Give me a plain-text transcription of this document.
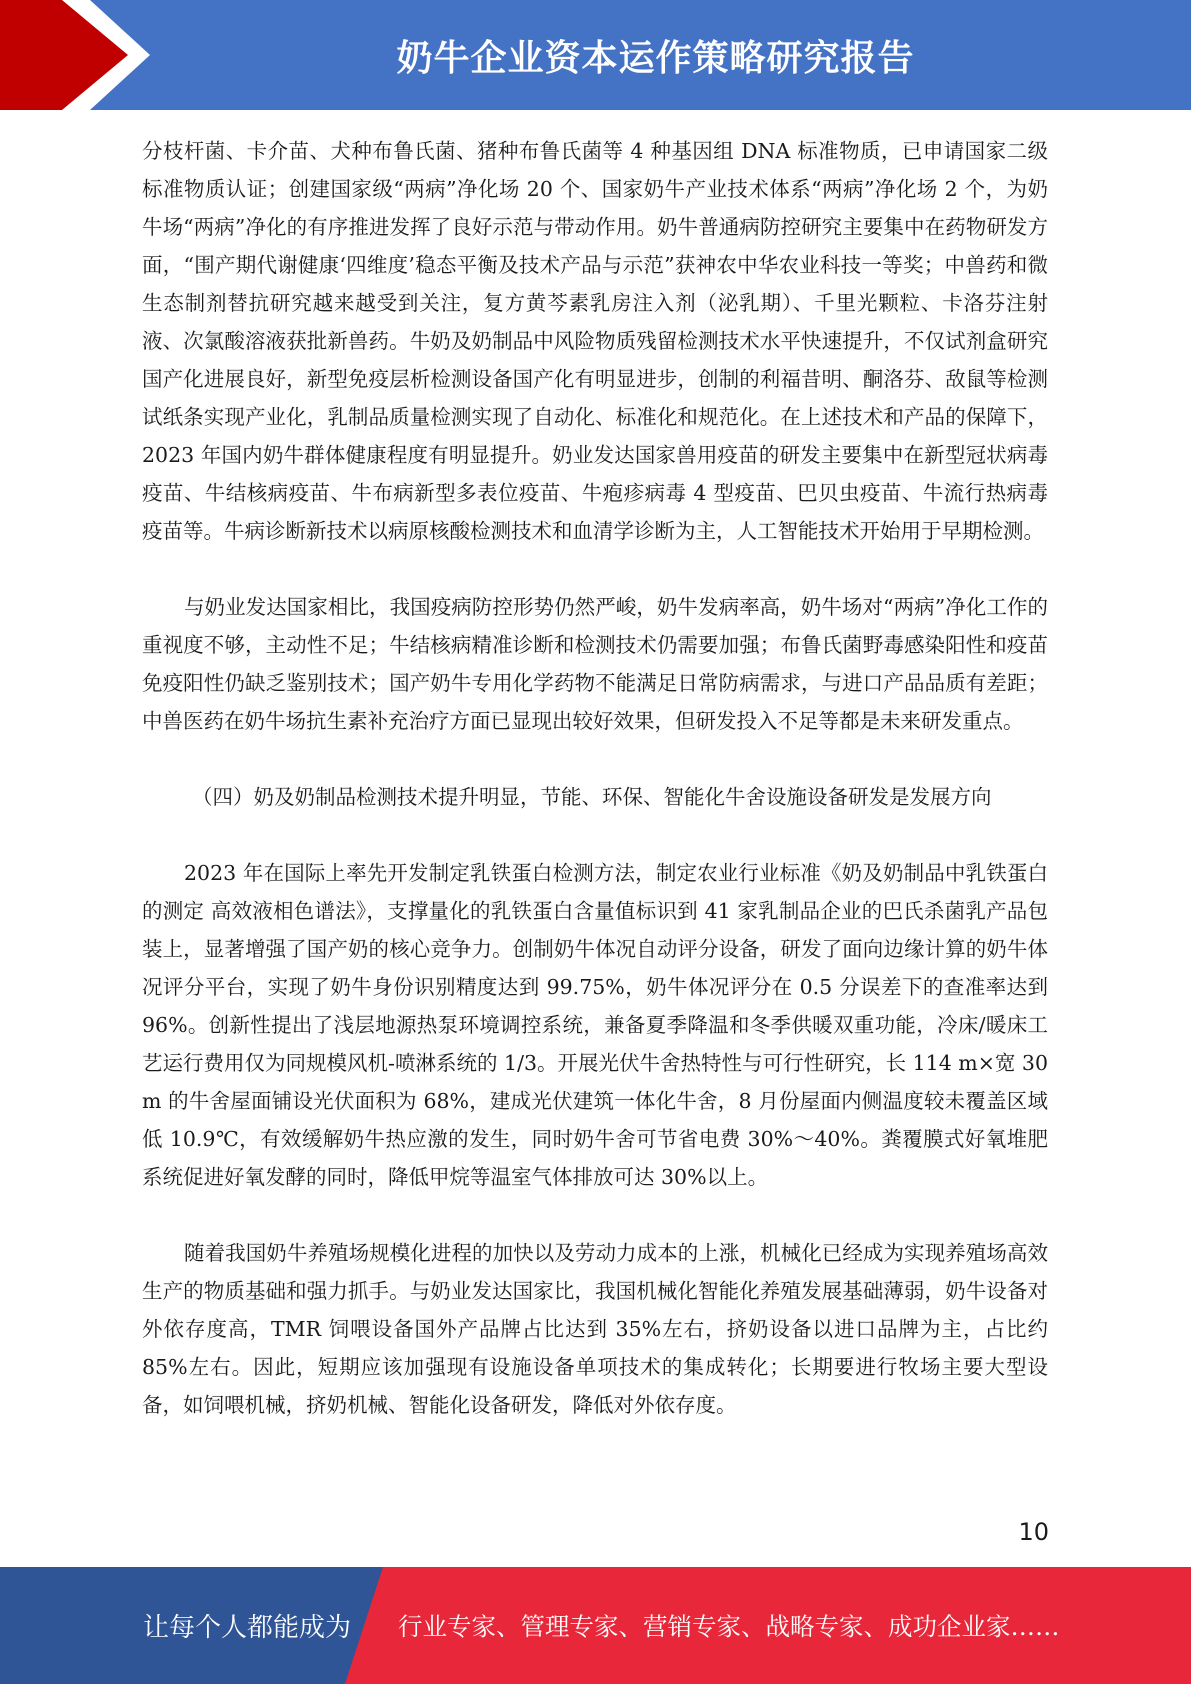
奶牛企业资本运作策略研究报告

分枝杆菌、卡介苗、犬种布鲁氏菌、猪种布鲁氏菌等 4 种基因组 DNA 标准物质，已申请国家二级标准物质认证；创建国家级“两病”净化场 20 个、国家奶牛产业技术体系“两病”净化场 2 个，为奶牛场“两病”净化的有序推进发挥了良好示范与带动作用。奶牛普通病防控研究主要集中在药物研发方面，“围产期代谢健康‘四维度’稳态平衡及技术产品与示范”获神农中华农业科技一等奖；中兽药和微生态制剂替抗研究越来越受到关注，复方黄芩素乳房注入剂（泌乳期）、千里光颗粒、卡洛芬注射液、次氯酸溶液获批新兽药。牛奶及奶制品中风险物质残留检测技术水平快速提升，不仅试剂盒研究国产化进展良好，新型免疫层析检测设备国产化有明显进步，创制的利福昔明、酮洛芬、敌鼠等检测试纸条实现产业化，乳制品质量检测实现了自动化、标准化和规范化。在上述技术和产品的保障下，2023 年国内奶牛群体健康程度有明显提升。奶业发达国家兽用疫苗的研发主要集中在新型冠状病毒疫苗、牛结核病疫苗、牛布病新型多表位疫苗、牛疱疹病毒 4 型疫苗、巴贝虫疫苗、牛流行热病毒疫苗等。牛病诊断新技术以病原核酸检测技术和血清学诊断为主，人工智能技术开始用于早期检测。

与奶业发达国家相比，我国疫病防控形势仍然严峻，奶牛发病率高，奶牛场对“两病”净化工作的重视度不够，主动性不足；牛结核病精准诊断和检测技术仍需要加强；布鲁氏菌野毒感染阳性和疫苗免疫阳性仍缺乏鉴别技术；国产奶牛专用化学药物不能满足日常防病需求，与进口产品品质有差距；中兽医药在奶牛场抗生素补充治疗方面已显现出较好效果，但研发投入不足等都是未来研发重点。

（四）奶及奶制品检测技术提升明显，节能、环保、智能化牛舍设施设备研发是发展方向

2023 年在国际上率先开发制定乳铁蛋白检测方法，制定农业行业标准《奶及奶制品中乳铁蛋白的测定 高效液相色谱法》，支撑量化的乳铁蛋白含量值标识到 41 家乳制品企业的巴氏杀菌乳产品包装上，显著增强了国产奶的核心竞争力。创制奶牛体况自动评分设备，研发了面向边缘计算的奶牛体况评分平台，实现了奶牛身份识别精度达到 99.75%，奶牛体况评分在 0.5 分误差下的查准率达到 96%。创新性提出了浅层地源热泵环境调控系统，兼备夏季降温和冬季供暖双重功能，冷床/暖床工艺运行费用仅为同规模风机-喷淋系统的 1/3。开展光伏牛舍热特性与可行性研究，长 114 m×宽 30 m 的牛舍屋面铺设光伏面积为 68%，建成光伏建筑一体化牛舍，8 月份屋面内侧温度较未覆盖区域低 10.9℃，有效缓解奶牛热应激的发生，同时奶牛舍可节省电费 30%～40%。粪覆膜式好氧堆肥系统促进好氧发酵的同时，降低甲烷等温室气体排放可达 30%以上。

随着我国奶牛养殖场规模化进程的加快以及劳动力成本的上涨，机械化已经成为实现养殖场高效生产的物质基础和强力抓手。与奶业发达国家比，我国机械化智能化养殖发展基础薄弱，奶牛设备对外依存度高，TMR 饲喂设备国外产品牌占比达到 35%左右，挤奶设备以进口品牌为主，占比约 85%左右。因此，短期应该加强现有设施设备单项技术的集成转化；长期要进行牧场主要大型设备，如饲喂机械，挤奶机械、智能化设备研发，降低对外依存度。

10
让每个人都能成为 行业专家、管理专家、营销专家、战略专家、成功企业家……
